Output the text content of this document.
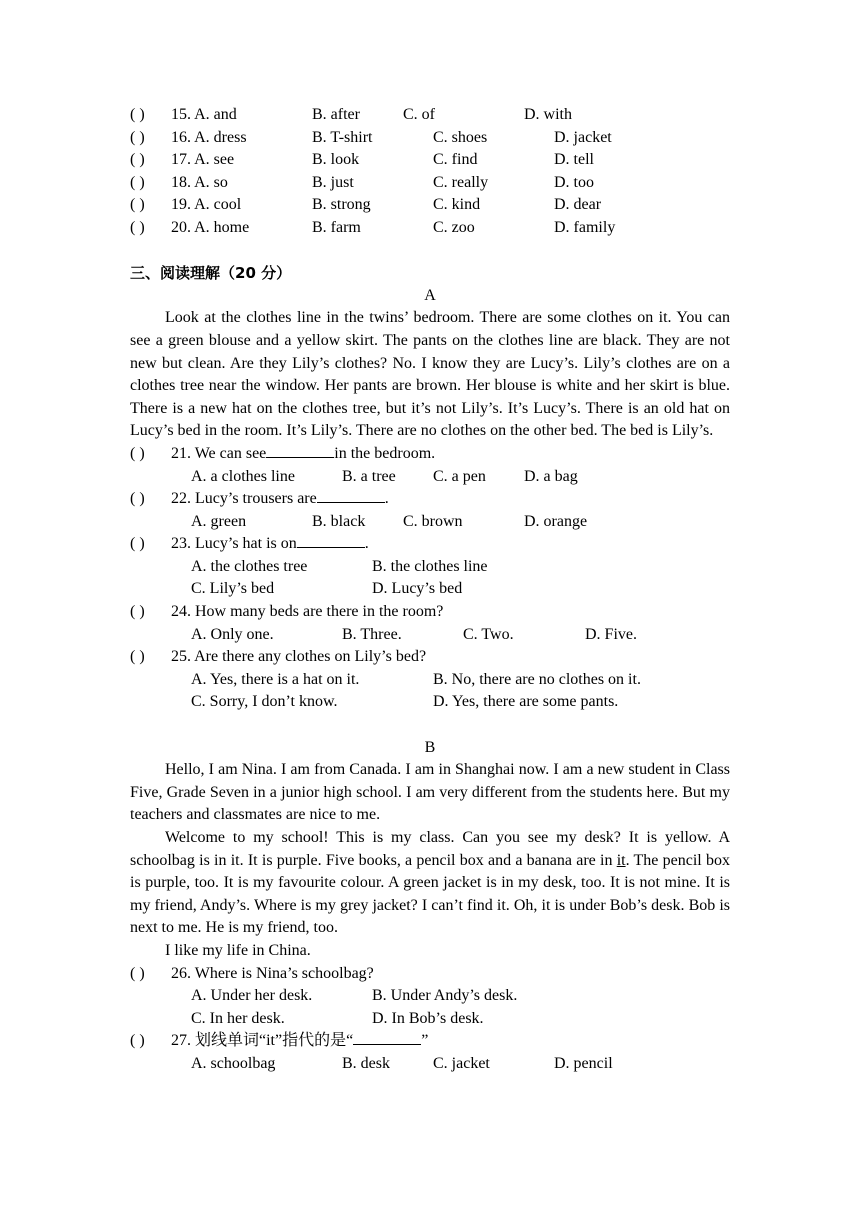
( ) 15. A. and	B. after	C. of	D. with
( ) 16. A. dress	B. T-shirt	C. shoes	D. jacket
( ) 17. A. see	B. look	C. find	D. tell
( ) 18. A. so	B. just	C. really	D. too
( ) 19. A. cool	B. strong	C. kind	D. dear
( ) 20. A. home	B. farm	C. zoo	D. family
三、阅读理解（20 分）
A

Look at the clothes line in the twins’ bedroom. There are some clothes on it. You can see a green blouse and a yellow skirt. The pants on the clothes line are black. They are not new but clean. Are they Lily’s clothes? No. I know they are Lucy’s. Lily’s clothes are on a clothes tree near the window. Her pants are brown. Her blouse is white and her skirt is blue. There is a new hat on the clothes tree, but it’s not Lily’s. It’s Lucy’s. There is an old hat on Lucy’s bed in the room. It’s Lily’s. There are no clothes on the other bed. The bed is Lily’s.

( ) 21. We can see	in the bedroom.
A. a clothes line	B. a tree C. a pen D. a bag
( ) 22. Lucy’s trousers are	.
A. green	B. black C. brown	D. orange
( ) 23. Lucy’s hat is on	.
A. the clothes tree	B. the clothes line
C. Lily’s bed	D. Lucy’s bed
( ) 24. How many beds are there in the room?
A. Only one.	B. Three.	C. Two.	D. Five.
( ) 25. Are there any clothes on Lily’s bed?
A. Yes, there is a hat on it.	B. No, there are no clothes on it.
C. Sorry, I don’t know.	D. Yes, there are some pants.
B

Hello, I am Nina. I am from Canada. I am in Shanghai now. I am a new student in Class Five, Grade Seven in a junior high school. I am very different from the students here. But my teachers and classmates are nice to me.

Welcome to my school! This is my class. Can you see my desk? It is yellow. A schoolbag is in it. It is purple. Five books, a pencil box and a banana are in it. The pencil box is purple, too. It is my favourite colour. A green jacket is in my desk, too. It is not mine. It is my friend, Andy’s. Where is my grey jacket? I can’t find it. Oh, it is under Bob’s desk. Bob is next to me. He is my friend, too.

I like my life in China.

( ) 26. Where is Nina’s schoolbag?
A. Under her desk.	B. Under Andy’s desk.
C. In her desk.	D. In Bob’s desk.
( ) 27. 划线单词“it”指代的是“	”
A. schoolbag	B. desk	C. jacket	D. pencil
